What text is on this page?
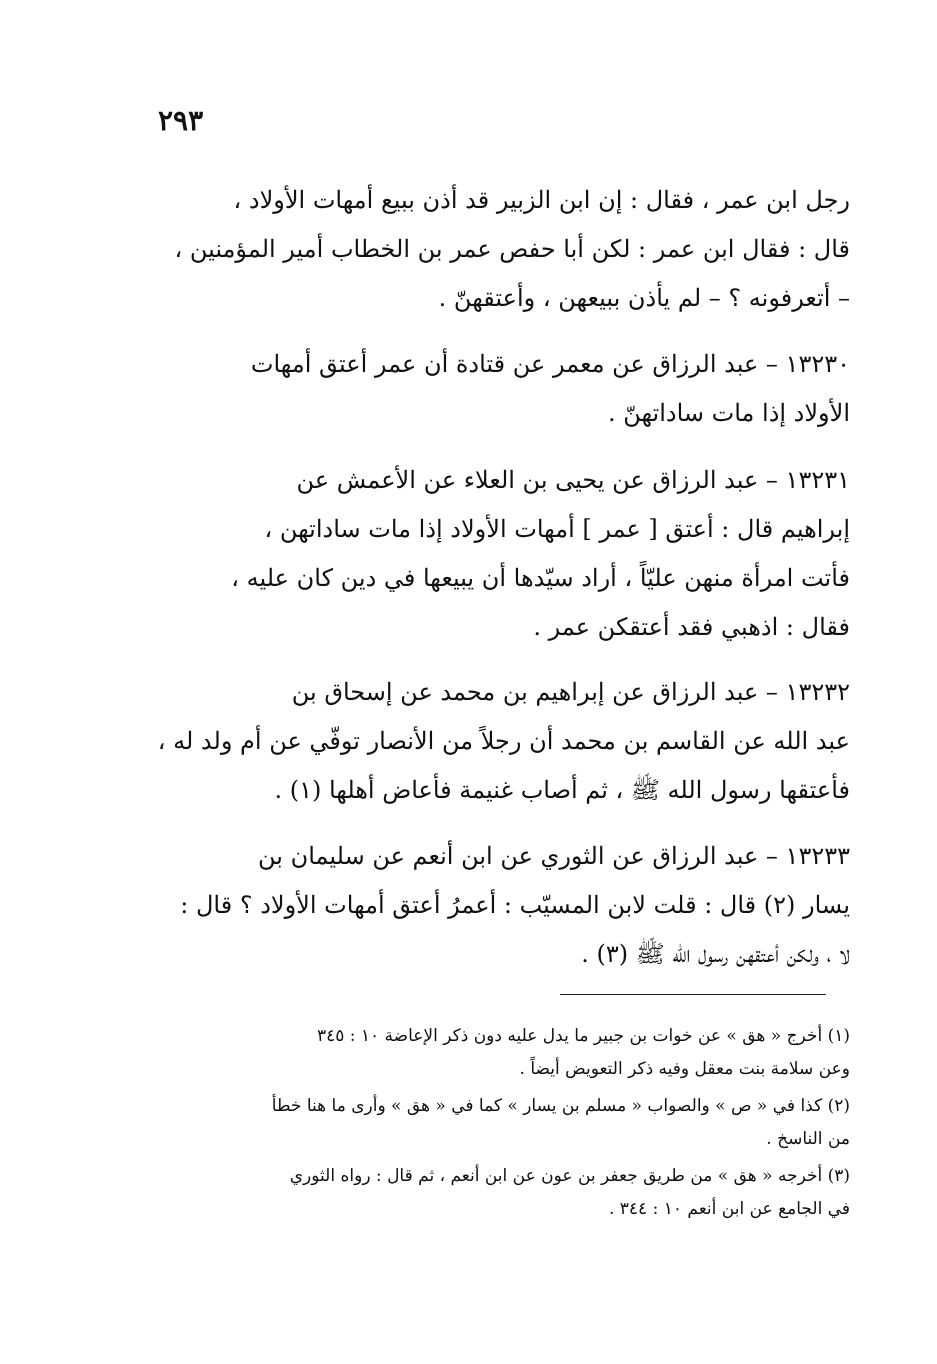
٢٩٣
رجل ابن عمر ، فقال : إن ابن الزبير قد أذن ببيع أمهات الأولاد ،
قال : فقال ابن عمر : لكن أبا حفص عمر بن الخطاب أمير المؤمنين ،
– أتعرفونه ؟ – لم يأذن ببيعهن ، وأعتقهنّ .
١٣٢٣٠ – عبد الرزاق عن معمر عن قتادة أن عمر أعتق أمهات
الأولاد إذا مات ساداتهنّ .
١٣٢٣١ – عبد الرزاق عن يحيى بن العلاء عن الأعمش عن
إبراهيم قال : أعتق [ عمر ] أمهات الأولاد إذا مات ساداتهن ،
فأتت امرأة منهن عليّاً ، أراد سيّدها أن يبيعها في دين كان عليه ،
فقال : اذهبي فقد أعتقكن عمر .
١٣٢٣٢ – عبد الرزاق عن إبراهيم بن محمد عن إسحاق بن
عبد الله عن القاسم بن محمد أن رجلاً من الأنصار توفّي عن أم ولد له ،
فأعتقها رسول الله ﷺ ، ثم أصاب غنيمة فأعاض أهلها (١) .
١٣٢٣٣ – عبد الرزاق عن الثوري عن ابن أنعم عن سليمان بن
يسار (٢) قال : قلت لابن المسيّب : أعمرُ أعتق أمهات الأولاد ؟ قال :
لا ، ولكن أعتقهن رسول الله ﷺ (٣) .
(١) أخرج « هق » عن خوات بن جبير ما يدل عليه دون ذكر الإعاضة ١٠ : ٣٤٥
وعن سلامة بنت معقل وفيه ذكر التعويض أيضاً .
(٢) كذا في « ص » والصواب « مسلم بن يسار » كما في « هق » وأرى ما هنا خطأ
من الناسخ .
(٣) أخرجه « هق » من طريق جعفر بن عون عن ابن أنعم ، ثم قال : رواه الثوري
في الجامع عن ابن أنعم ١٠ : ٣٤٤ .
